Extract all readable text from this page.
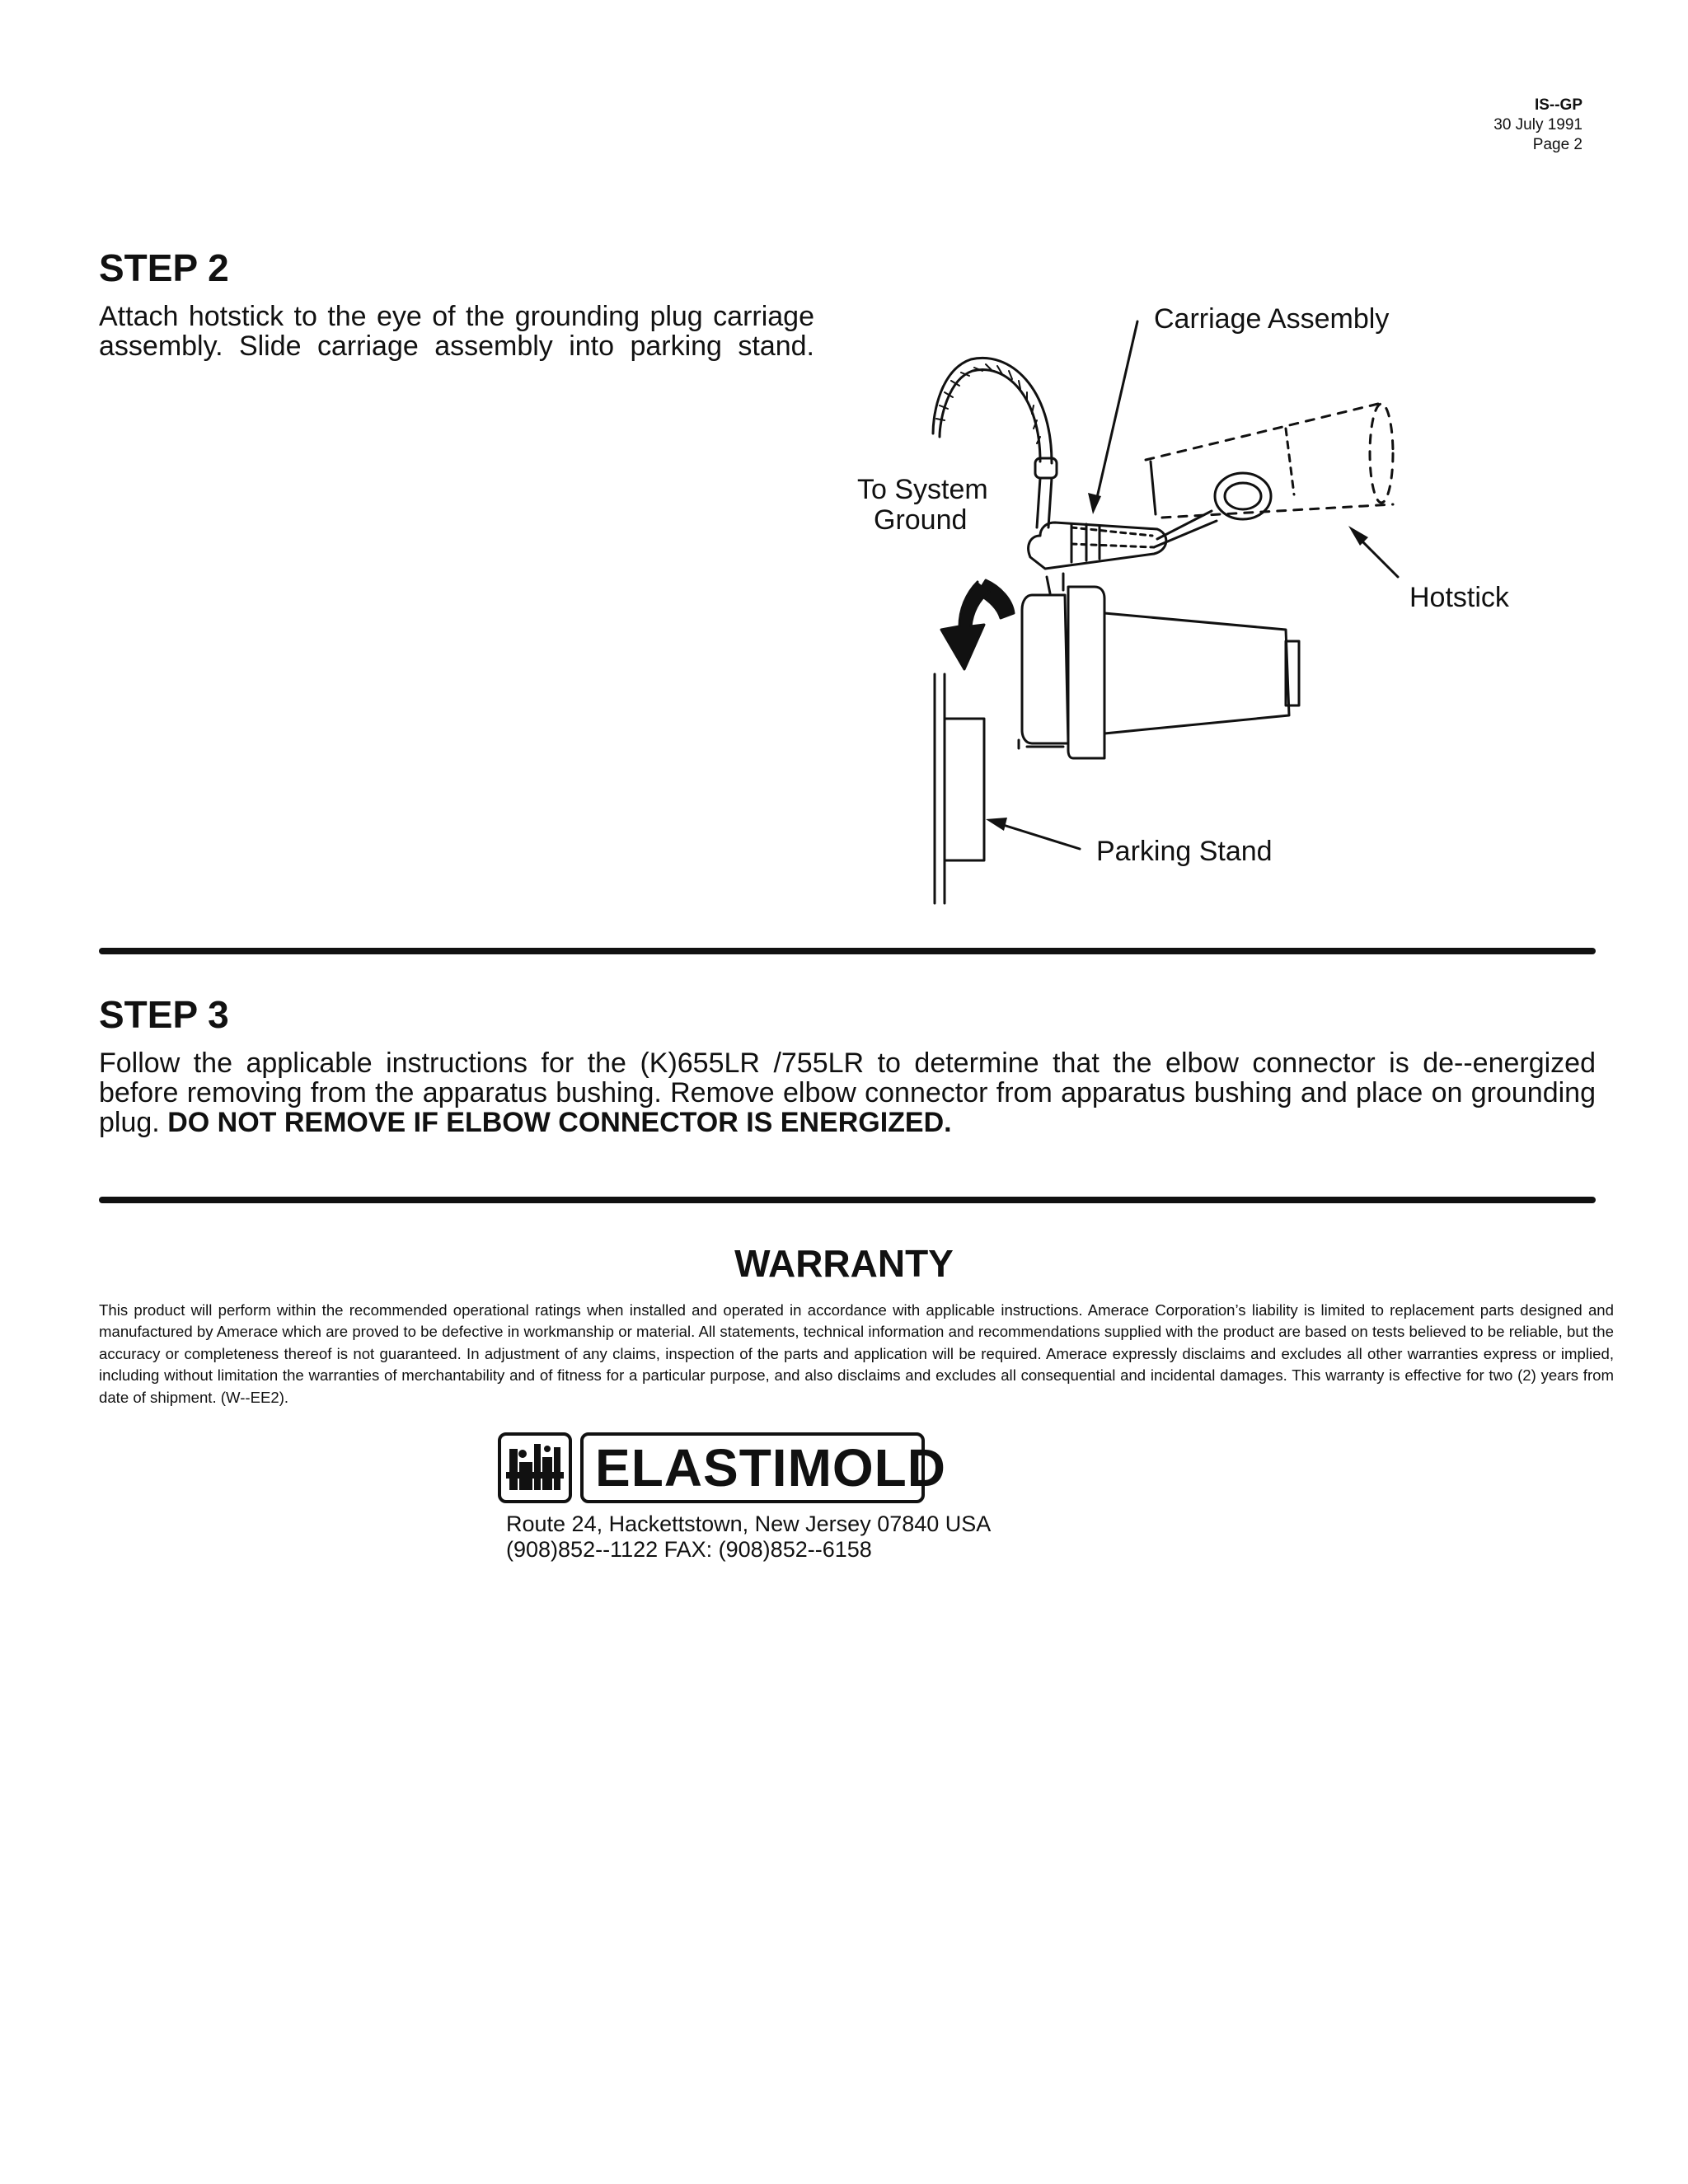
IS--GP
30 July 1991
Page 2
STEP 2
Attach hotstick to the eye of the grounding plug carriage assembly. Slide carriage assembly into parking stand.
Carriage Assembly
To System
Ground
Hotstick
Parking Stand
STEP 3
Follow the applicable instructions for the (K)655LR /755LR to determine that the elbow connector is de--energized before removing from the apparatus bushing. Remove elbow connector from apparatus bushing and place on grounding plug. DO NOT REMOVE IF ELBOW CONNECTOR IS ENERGIZED.
WARRANTY
This product will perform within the recommended operational ratings when installed and operated in accordance with applicable instructions. Amerace Corporation’s liability is limited to replacement parts designed and manufactured by Amerace which are proved to be defective in workmanship or material. All statements, technical information and recommendations supplied with the product are based on tests believed to be reliable, but the accuracy or completeness thereof is not guaranteed. In adjustment of any claims, inspection of the parts and application will be required. Amerace expressly disclaims and excludes all other warranties express or implied, including without limitation the warranties of merchantability and of fitness for a particular purpose, and also disclaims and excludes all consequential and incidental damages. This warranty is effective for two (2) years from date of shipment. (W--EE2).
ELASTIMOLD
Route 24, Hackettstown, New Jersey 07840 USA
(908)852--1122 FAX: (908)852--6158
